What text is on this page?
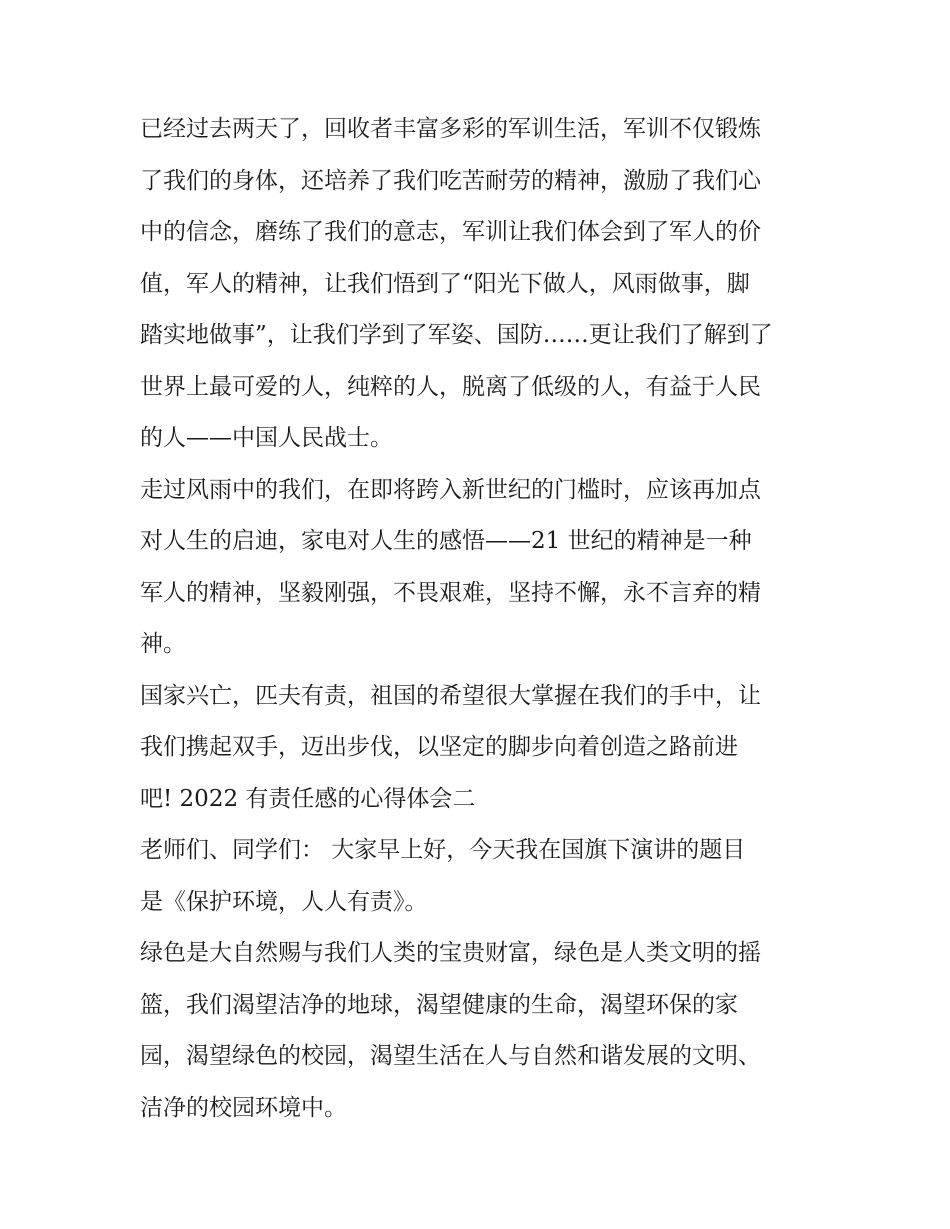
已经过去两天了，回收者丰富多彩的军训生活，军训不仅锻炼
了我们的身体，还培养了我们吃苦耐劳的精神，激励了我们心
中的信念，磨练了我们的意志，军训让我们体会到了军人的价
值，军人的精神，让我们悟到了“阳光下做人，风雨做事，脚
踏实地做事”，让我们学到了军姿、国防……更让我们了解到了
世界上最可爱的人，纯粹的人，脱离了低级的人，有益于人民
的人——中国人民战士。
走过风雨中的我们，在即将跨入新世纪的门槛时，应该再加点
对人生的启迪，家电对人生的感悟——21 世纪的精神是一种
军人的精神，坚毅刚强，不畏艰难，坚持不懈，永不言弃的精
神。
国家兴亡，匹夫有责，祖国的希望很大掌握在我们的手中，让
我们携起双手，迈出步伐，以坚定的脚步向着创造之路前进
吧! 2022 有责任感的心得体会二
老师们、同学们： 大家早上好，今天我在国旗下演讲的题目
是《保护环境，人人有责》。
绿色是大自然赐与我们人类的宝贵财富，绿色是人类文明的摇
篮，我们渴望洁净的地球，渴望健康的生命，渴望环保的家
园，渴望绿色的校园，渴望生活在人与自然和谐发展的文明、
洁净的校园环境中。
